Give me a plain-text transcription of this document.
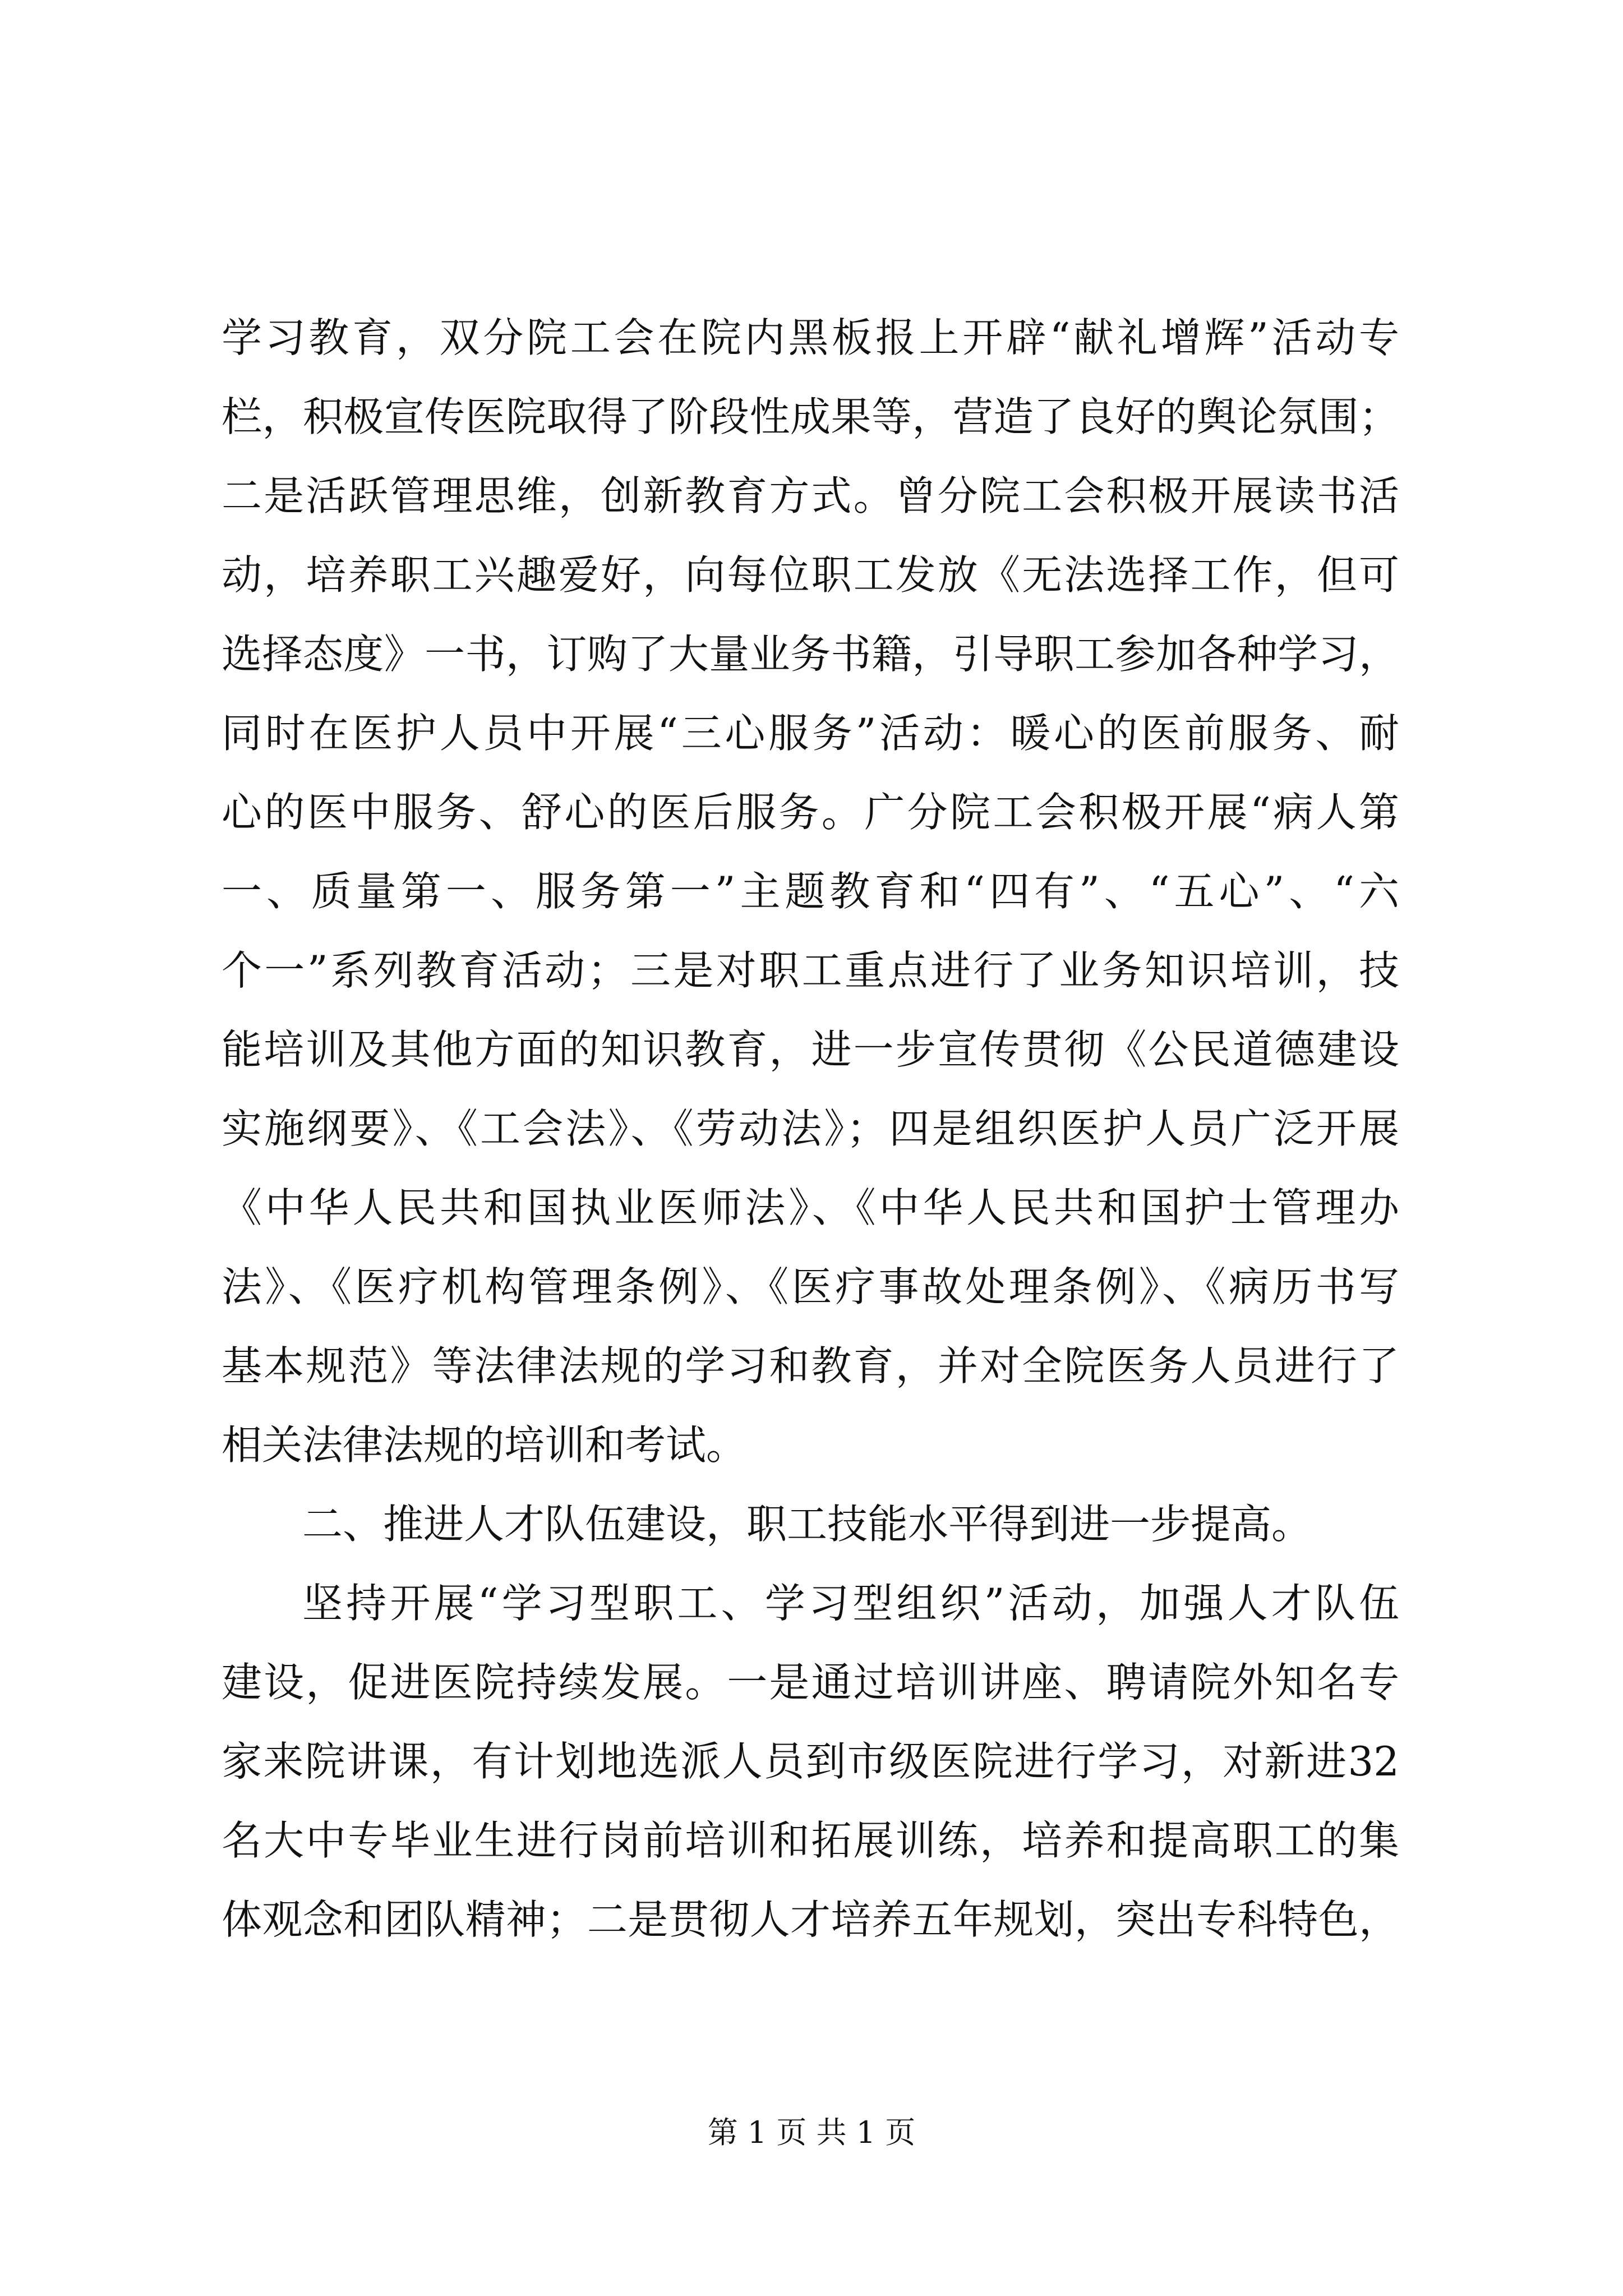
学习教育，双分院工会在院内黑板报上开辟“献礼增辉”活动专
栏，积极宣传医院取得了阶段性成果等，营造了良好的舆论氛围；
二是活跃管理思维，创新教育方式。曾分院工会积极开展读书活
动，培养职工兴趣爱好，向每位职工发放《无法选择工作，但可
选择态度》一书，订购了大量业务书籍，引导职工参加各种学习，
同时在医护人员中开展“三心服务”活动：暖心的医前服务、耐
心的医中服务、舒心的医后服务。广分院工会积极开展“病人第
一、质量第一、服务第一”主题教育和“四有”、“五心”、“六
个一”系列教育活动；三是对职工重点进行了业务知识培训，技
能培训及其他方面的知识教育，进一步宣传贯彻《公民道德建设
实施纲要》、《工会法》、《劳动法》；四是组织医护人员广泛开展
《中华人民共和国执业医师法》、《中华人民共和国护士管理办
法》、《医疗机构管理条例》、《医疗事故处理条例》、《病历书写
基本规范》等法律法规的学习和教育，并对全院医务人员进行了
相关法律法规的培训和考试。
二、推进人才队伍建设，职工技能水平得到进一步提高。
坚持开展“学习型职工、学习型组织”活动，加强人才队伍
建设，促进医院持续发展。一是通过培训讲座、聘请院外知名专
家来院讲课，有计划地选派人员到市级医院进行学习，对新进32
名大中专毕业生进行岗前培训和拓展训练，培养和提高职工的集
体观念和团队精神；二是贯彻人才培养五年规划，突出专科特色，
第 1 页 共 1 页
